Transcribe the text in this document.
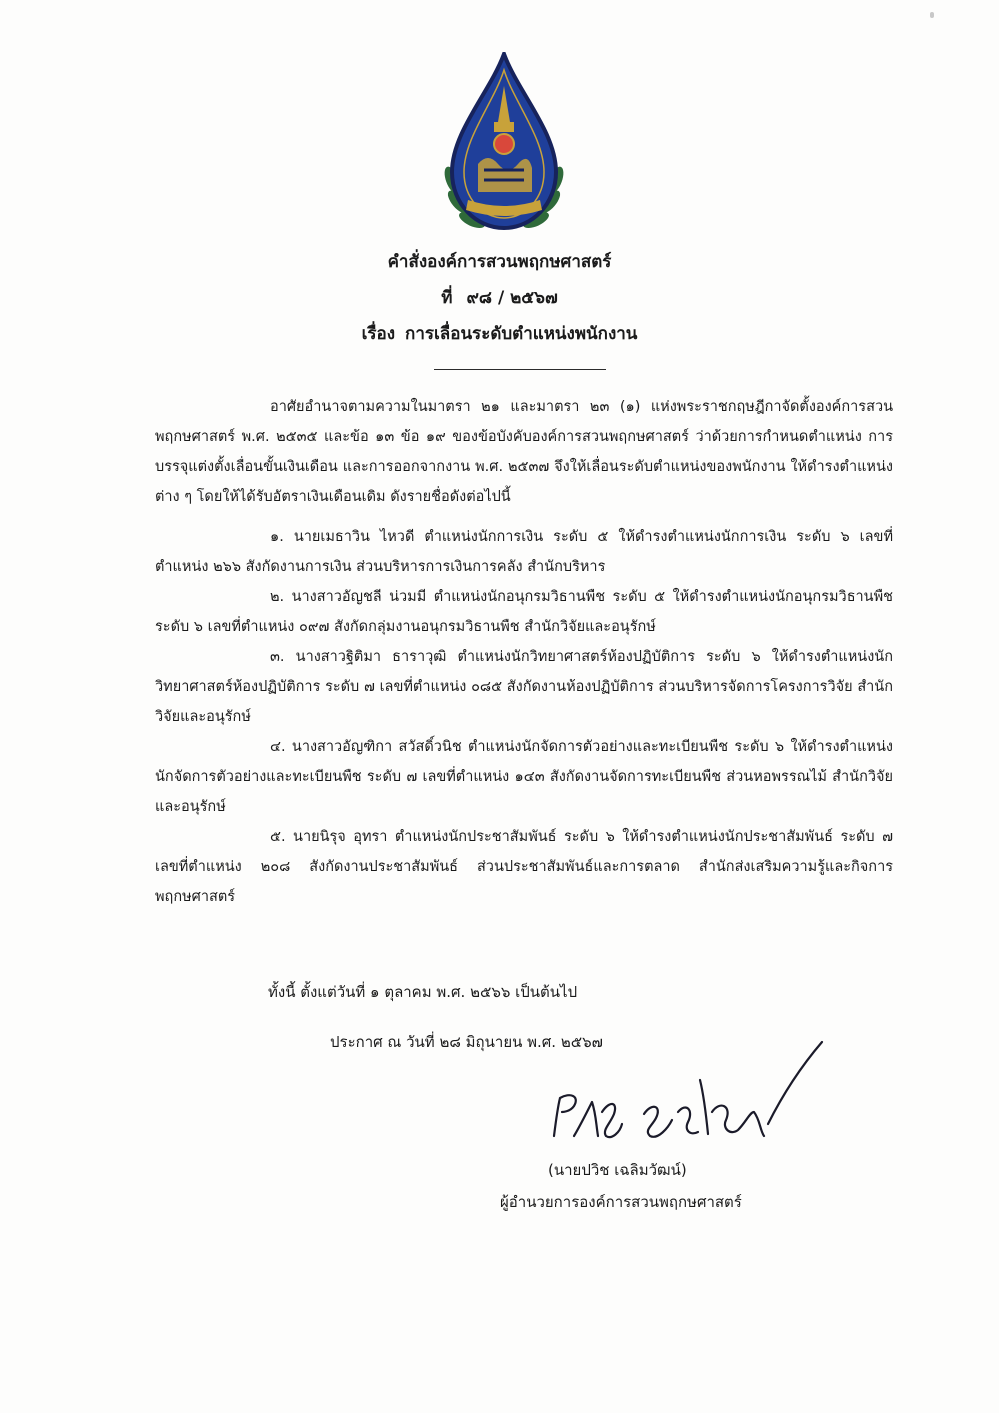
คำสั่งองค์การสวนพฤกษศาสตร์
ที่ ๙๘ / ๒๕๖๗
เรื่อง การเลื่อนระดับตำแหน่งพนักงาน
อาศัยอำนาจตามความในมาตรา ๒๑ และมาตรา ๒๓ (๑) แห่งพระราชกฤษฎีกาจัดตั้งองค์การสวนพฤกษศาสตร์ พ.ศ. ๒๕๓๕ และข้อ ๑๓ ข้อ ๑๙ ของข้อบังคับองค์การสวนพฤกษศาสตร์ ว่าด้วยการกำหนดตำแหน่ง การบรรจุแต่งตั้งเลื่อนขั้นเงินเดือน และการออกจากงาน พ.ศ. ๒๕๓๗ จึงให้เลื่อนระดับตำแหน่งของพนักงาน ให้ดำรงตำแหน่งต่าง ๆ โดยให้ได้รับอัตราเงินเดือนเดิม ดังรายชื่อดังต่อไปนี้
๑. นายเมธาวิน ไหวดี ตำแหน่งนักการเงิน ระดับ ๕ ให้ดำรงตำแหน่งนักการเงิน ระดับ ๖ เลขที่ตำแหน่ง ๒๖๖ สังกัดงานการเงิน ส่วนบริหารการเงินการคลัง สำนักบริหาร
๒. นางสาวอัญชลี น่วมมี ตำแหน่งนักอนุกรมวิธานพืช ระดับ ๕ ให้ดำรงตำแหน่งนักอนุกรมวิธานพืช ระดับ ๖ เลขที่ตำแหน่ง ๐๙๗ สังกัดกลุ่มงานอนุกรมวิธานพืช สำนักวิจัยและอนุรักษ์
๓. นางสาวฐิติมา ธาราวุฒิ ตำแหน่งนักวิทยาศาสตร์ห้องปฏิบัติการ ระดับ ๖ ให้ดำรงตำแหน่งนักวิทยาศาสตร์ห้องปฏิบัติการ ระดับ ๗ เลขที่ตำแหน่ง ๐๘๕ สังกัดงานห้องปฏิบัติการ ส่วนบริหารจัดการโครงการวิจัย สำนักวิจัยและอนุรักษ์
๔. นางสาวอัญฑิกา สวัสดิ์วนิช ตำแหน่งนักจัดการตัวอย่างและทะเบียนพืช ระดับ ๖ ให้ดำรงตำแหน่งนักจัดการตัวอย่างและทะเบียนพืช ระดับ ๗ เลขที่ตำแหน่ง ๑๔๓ สังกัดงานจัดการทะเบียนพืช ส่วนหอพรรณไม้ สำนักวิจัยและอนุรักษ์
๕. นายนิรุจ อุทรา ตำแหน่งนักประชาสัมพันธ์ ระดับ ๖ ให้ดำรงตำแหน่งนักประชาสัมพันธ์ ระดับ ๗ เลขที่ตำแหน่ง ๒๐๘ สังกัดงานประชาสัมพันธ์ ส่วนประชาสัมพันธ์และการตลาด สำนักส่งเสริมความรู้และกิจการพฤกษศาสตร์
ทั้งนี้ ตั้งแต่วันที่ ๑ ตุลาคม พ.ศ. ๒๕๖๖ เป็นต้นไป
ประกาศ ณ วันที่ ๒๘ มิถุนายน พ.ศ. ๒๕๖๗
(นายปวิช เฉลิมวัฒน์)
ผู้อำนวยการองค์การสวนพฤกษศาสตร์
